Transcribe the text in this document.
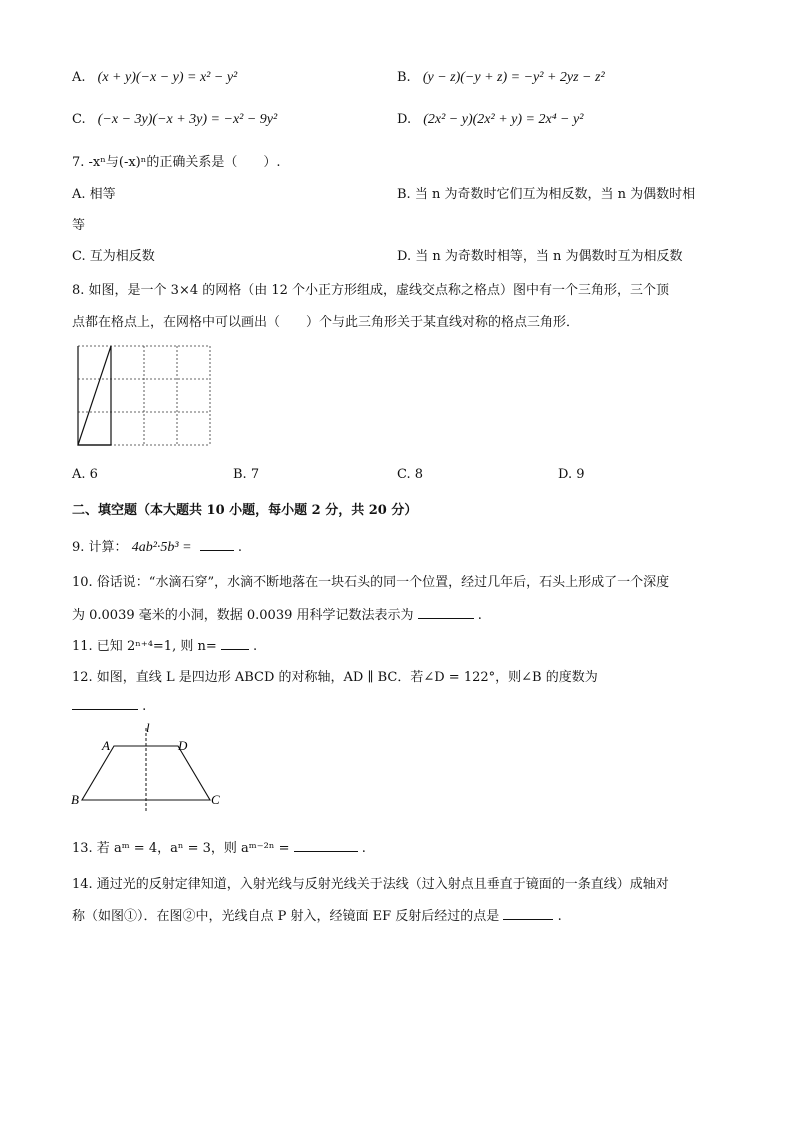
A. (x + y)(−x − y) = x² − y²	B. (y − z)(−y + z) = −y² + 2yz − z²
C. (−x − 3y)(−x + 3y) = −x² − 9y²	D. (2x² − y)(2x² + y) = 2x⁴ − y²
7. -xⁿ与(-x)ⁿ的正确关系是（　　）.
A. 相等	B. 当 n 为奇数时它们互为相反数，当 n 为偶数时相
等
C. 互为相反数	D. 当 n 为奇数时相等，当 n 为偶数时互为相反数
8. 如图，是一个 3×4 的网格（由 12 个小正方形组成，虚线交点称之格点）图中有一个三角形，三个顶
点都在格点上，在网格中可以画出（　　）个与此三角形关于某直线对称的格点三角形．
A. 6	B. 7	C. 8	D. 9
二、填空题（本大题共 10 小题，每小题 2 分，共 20 分）
9. 计算： 4ab²·5b³ =	.
10. 俗话说：“水滴石穿”，水滴不断地落在一块石头的同一个位置，经过几年后，石头上形成了一个深度
为 0.0039 毫米的小洞，数据 0.0039 用科学记数法表示为	.
11. 已知 2ⁿ⁺⁴=1, 则 n=	.
12. 如图，直线 L 是四边形 ABCD 的对称轴，AD ∥ BC．若∠D = 122°，则∠B 的度数为
.
l
A	D
B	C
13. 若 aᵐ = 4，aⁿ = 3，则 aᵐ⁻²ⁿ =	.
14. 通过光的反射定律知道，入射光线与反射光线关于法线（过入射点且垂直于镜面的一条直线）成轴对
称（如图①）．在图②中，光线自点 P 射入，经镜面 EF 反射后经过的点是	.
